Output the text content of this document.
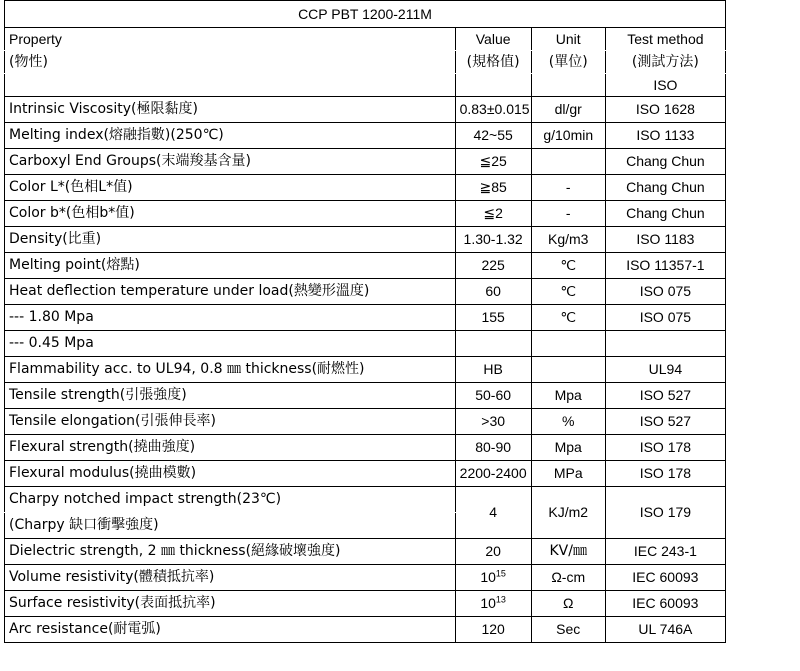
CCP PBT 1200-211M			
Property	Value	Unit	Test method
(物性)	(規格值)	(單位)	(測試方法)
			ISO
Intrinsic Viscosity(極限黏度)	0.83±0.015	dl/gr	ISO 1628
Melting index(熔融指數)(250℃)	42~55	g/10min	ISO 1133
Carboxyl End Groups(末端羧基含量)	≦25		Chang Chun
Color L*(色相L*值)	≧85	-	Chang Chun
Color b*(色相b*值)	≦2	-	Chang Chun
Density(比重)	1.30-1.32	Kg/m3	ISO 1183
Melting point(熔點)	225	℃	ISO 11357-1
Heat deflection temperature under load(熱變形溫度)	60	℃	ISO 075
--- 1.80 Mpa	155	℃	ISO 075
--- 0.45 Mpa			
Flammability acc. to UL94, 0.8 ㎜ thickness(耐燃性)	HB		UL94
Tensile strength(引張強度)	50-60	Mpa	ISO 527
Tensile elongation(引張伸長率)	>30	%	ISO 527
Flexural strength(撓曲強度)	80-90	Mpa	ISO 178
Flexural modulus(撓曲模數)	2200-2400	MPa	ISO 178
Charpy notched impact strength(23℃)	4	KJ/m2	ISO 179
(Charpy 缺口衝擊強度)			
Dielectric strength, 2 ㎜ thickness(絕緣破壞強度)	20	KV/㎜	IEC 243-1
Volume resistivity(體積抵抗率)	$10^{15}$	Ω-cm	IEC 60093
Surface resistivity(表面抵抗率)	$10^{13}$	Ω	IEC 60093
Arc resistance(耐電弧)	120	Sec	UL 746A
